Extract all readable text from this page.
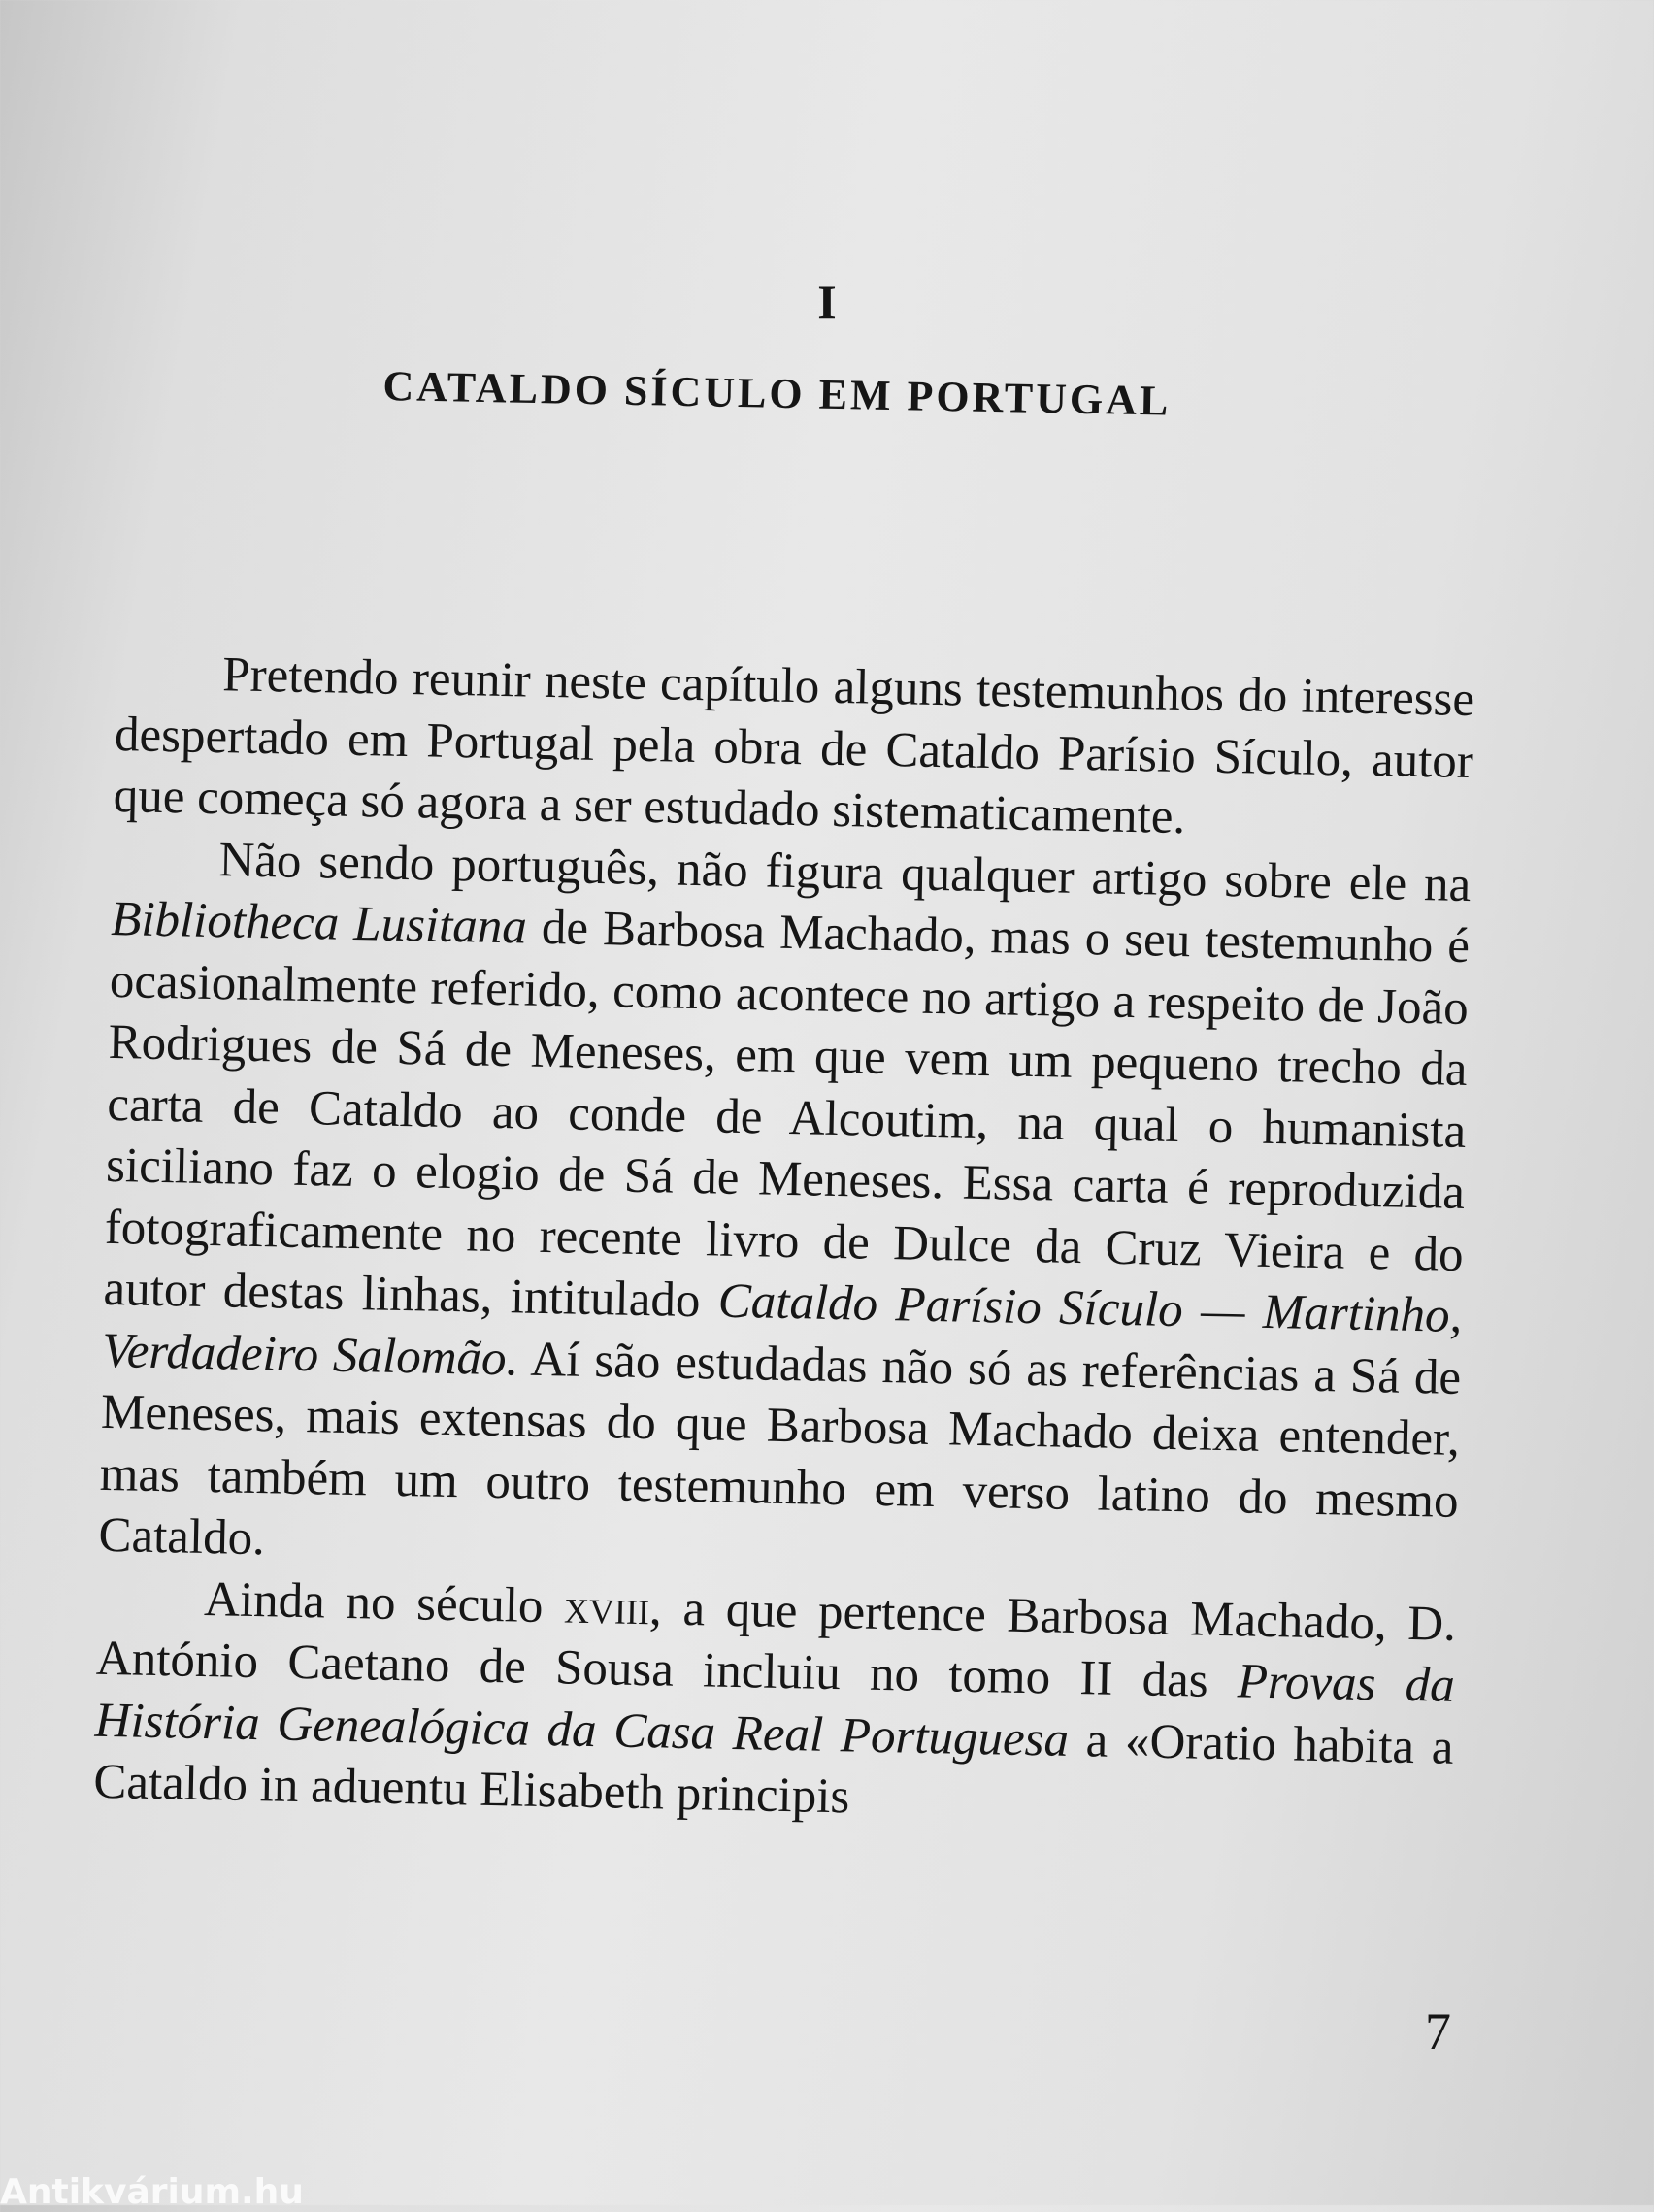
I
CATALDO SÍCULO EM PORTUGAL

Pretendo reunir neste capítulo alguns testemunhos do interesse despertado em Portugal pela obra de Cataldo Parísio Sículo, autor que começa só agora a ser estudado sistematicamente.

Não sendo português, não figura qualquer artigo sobre ele na Bibliotheca Lusitana de Barbosa Machado, mas o seu testemunho é ocasionalmente referido, como acontece no artigo a respeito de João Rodrigues de Sá de Meneses, em que vem um pequeno trecho da carta de Cataldo ao conde de Alcoutim, na qual o humanista siciliano faz o elogio de Sá de Meneses. Essa carta é reproduzida fotograficamente no recente livro de Dulce da Cruz Vieira e do autor destas linhas, intitulado Cataldo Parísio Sículo — Martinho, Verdadeiro Salomão. Aí são estudadas não só as referências a Sá de Meneses, mais extensas do que Barbosa Machado deixa entender, mas também um outro testemunho em verso latino do mesmo Cataldo.

Ainda no século xviii, a que pertence Barbosa Machado, D. António Caetano de Sousa incluiu no tomo II das Provas da História Genealógica da Casa Real Portuguesa a «Oratio habita a Cataldo in aduentu Elisabeth principis

7
Antikvárium.hu
